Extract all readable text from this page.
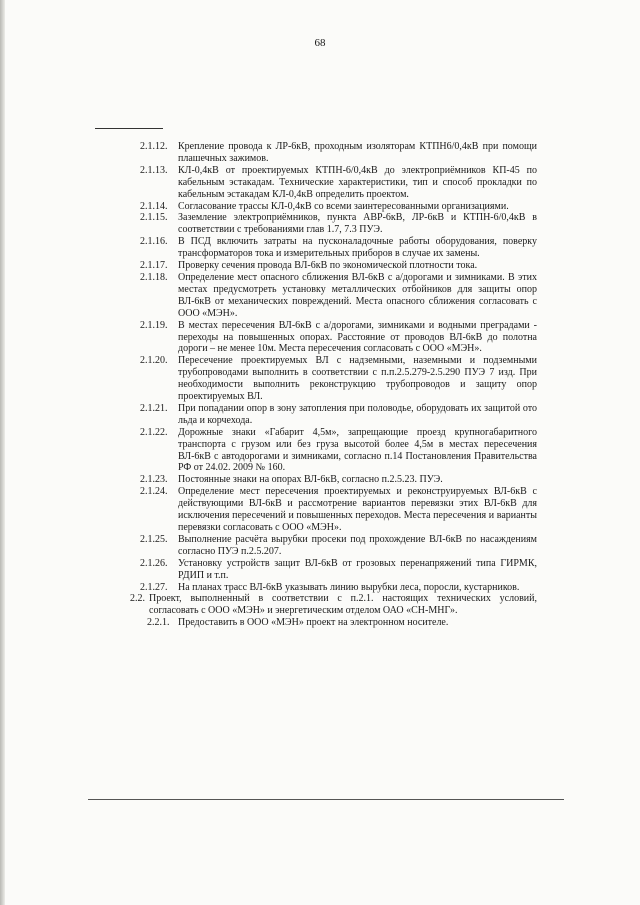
68
2.1.12.	Крепление провода к ЛР-6кВ, проходным изоляторам КТПН6/0,4кВ при помощи плашечных зажимов.
2.1.13.	КЛ-0,4кВ от проектируемых КТПН-6/0,4кВ до электроприёмников КП-45 по кабельным эстакадам. Технические характеристики, тип и способ прокладки по кабельным эстакадам КЛ-0,4кВ определить проектом.
2.1.14.	Согласование трассы КЛ-0,4кВ со всеми заинтересованными организациями.
2.1.15.	Заземление электроприёмников, пункта АВР-6кВ, ЛР-6кВ и КТПН-6/0,4кВ в соответствии с требованиями глав 1.7, 7.3 ПУЭ.
2.1.16.	В ПСД включить затраты на пусконаладочные работы оборудования, поверку трансформаторов тока и измерительных приборов в случае их замены.
2.1.17.	Проверку сечения провода ВЛ-6кВ по экономической плотности тока.
2.1.18.	Определение мест опасного сближения ВЛ-6кВ с а/дорогами и зимниками. В этих местах предусмотреть установку металлических отбойников для защиты опор ВЛ-6кВ от механических повреждений. Места опасного сближения согласовать с ООО «МЭН».
2.1.19.	В местах пересечения ВЛ-6кВ с а/дорогами, зимниками и водными преградами - переходы на повышенных опорах. Расстояние от проводов ВЛ-6кВ до полотна дороги – не менее 10м. Места пересечения согласовать с ООО «МЭН».
2.1.20.	Пересечение проектируемых ВЛ с надземными, наземными и подземными трубопроводами выполнить в соответствии с п.п.2.5.279-2.5.290 ПУЭ 7 изд. При необходимости выполнить реконструкцию трубопроводов и защиту опор проектируемых ВЛ.
2.1.21.	При попадании опор в зону затопления при половодье, оборудовать их защитой ото льда и корчехода.
2.1.22.	Дорожные знаки «Габарит 4,5м», запрещающие проезд крупногабаритного транспорта с грузом или без груза высотой более 4,5м в местах пересечения ВЛ-6кВ с автодорогами и зимниками, согласно п.14 Постановления Правительства РФ от 24.02. 2009 № 160.
2.1.23.	Постоянные знаки на опорах ВЛ-6кВ, согласно п.2.5.23. ПУЭ.
2.1.24.	Определение мест пересечения проектируемых и реконструируемых ВЛ-6кВ с действующими ВЛ-6кВ и рассмотрение вариантов перевязки этих ВЛ-6кВ для исключения пересечений и повышенных переходов. Места пересечения и варианты перевязки согласовать с ООО «МЭН».
2.1.25.	Выполнение расчёта вырубки просеки под прохождение ВЛ-6кВ по насаждениям согласно ПУЭ п.2.5.207.
2.1.26.	Установку устройств защит ВЛ-6кВ от грозовых перенапряжений типа ГИРМК, РДИП и т.п.
2.1.27.	На планах трасс ВЛ-6кВ указывать линию вырубки леса, поросли, кустарников.
2.2. Проект, выполненный в соответствии с п.2.1. настоящих технических условий, согласовать с ООО «МЭН» и энергетическим отделом ОАО «СН-МНГ».
2.2.1. Предоставить в ООО «МЭН» проект на электронном носителе.
